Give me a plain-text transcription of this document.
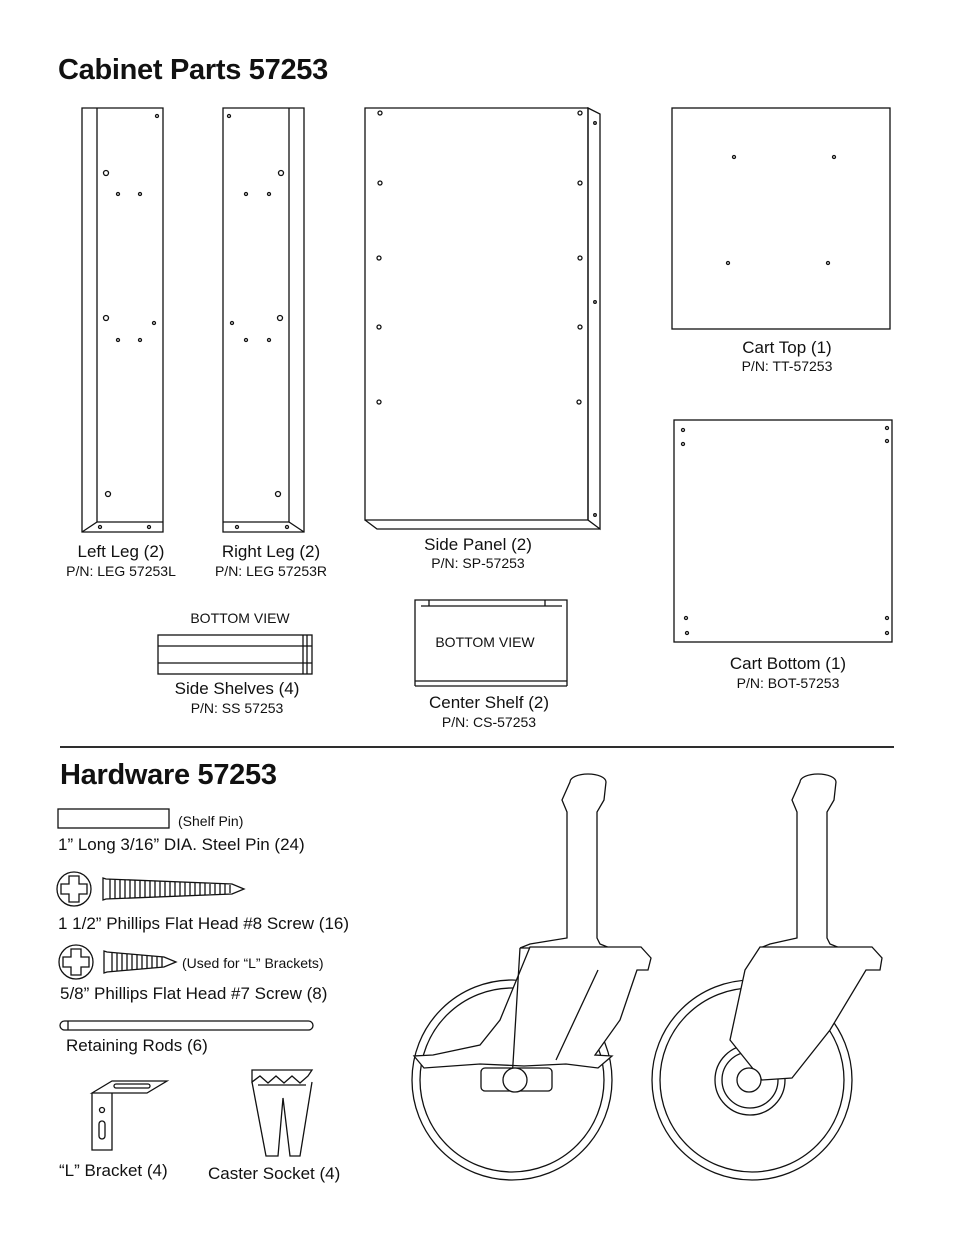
Cabinet Parts 57253
Left Leg (2)
P/N: LEG 57253L
Right Leg (2)
P/N: LEG 57253R
Side Panel (2)
P/N: SP-57253
Cart Top (1)
P/N: TT-57253
Cart Bottom (1)
P/N: BOT-57253
BOTTOM VIEW
Side Shelves (4)
P/N: SS 57253
BOTTOM VIEW
Center Shelf (2)
P/N: CS-57253
Hardware 57253
(Shelf Pin)
1” Long 3/16” DIA. Steel Pin (24)
1 1/2” Phillips Flat Head #8 Screw (16)
(Used for “L” Brackets)
5/8” Phillips Flat Head #7 Screw (8)
Retaining Rods (6)
“L” Bracket (4) Caster Socket (4)
